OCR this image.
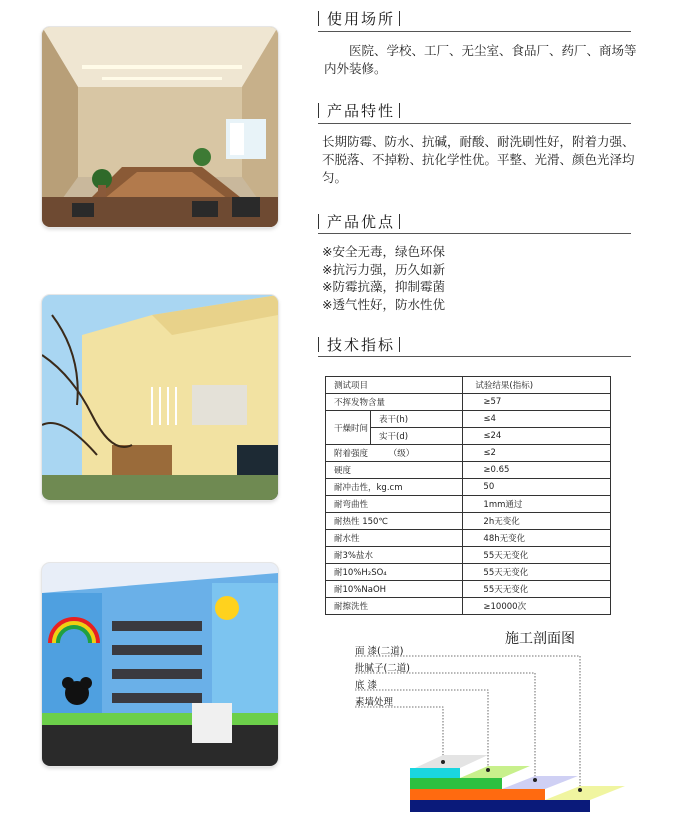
使用场所
医院、学校、工厂、无尘室、食品厂、药厂、商场等内外装修。
产品特性
长期防霉、防水、抗碱，耐酸、耐洗刷性好，附着力强、不脱落、不掉粉、抗化学性优。平整、光滑、颜色光泽均匀。
产品优点
※安全无毒，绿色环保
※抗污力强，历久如新
※防霉抗藻，抑制霉菌
※透气性好，防水性优
技术指标
测试项目		试验结果(指标)
不挥发物含量		≥57
干燥时间	表干(h)	≤4
	实干(d)	≤24
附着强度 （级）		≤2
硬度		≥0.65
耐冲击性，kg.cm		50
耐弯曲性		1mm通过
耐热性 150℃		2h无变化
耐水性		48h无变化
耐3%盐水		55天无变化
耐10%H₂SO₄		55天无变化
耐10%NaOH		55天无变化
耐擦洗性		≥10000次
施工剖面图
面 漆(二道)
批腻子(二道)
底 漆
素墙处理
